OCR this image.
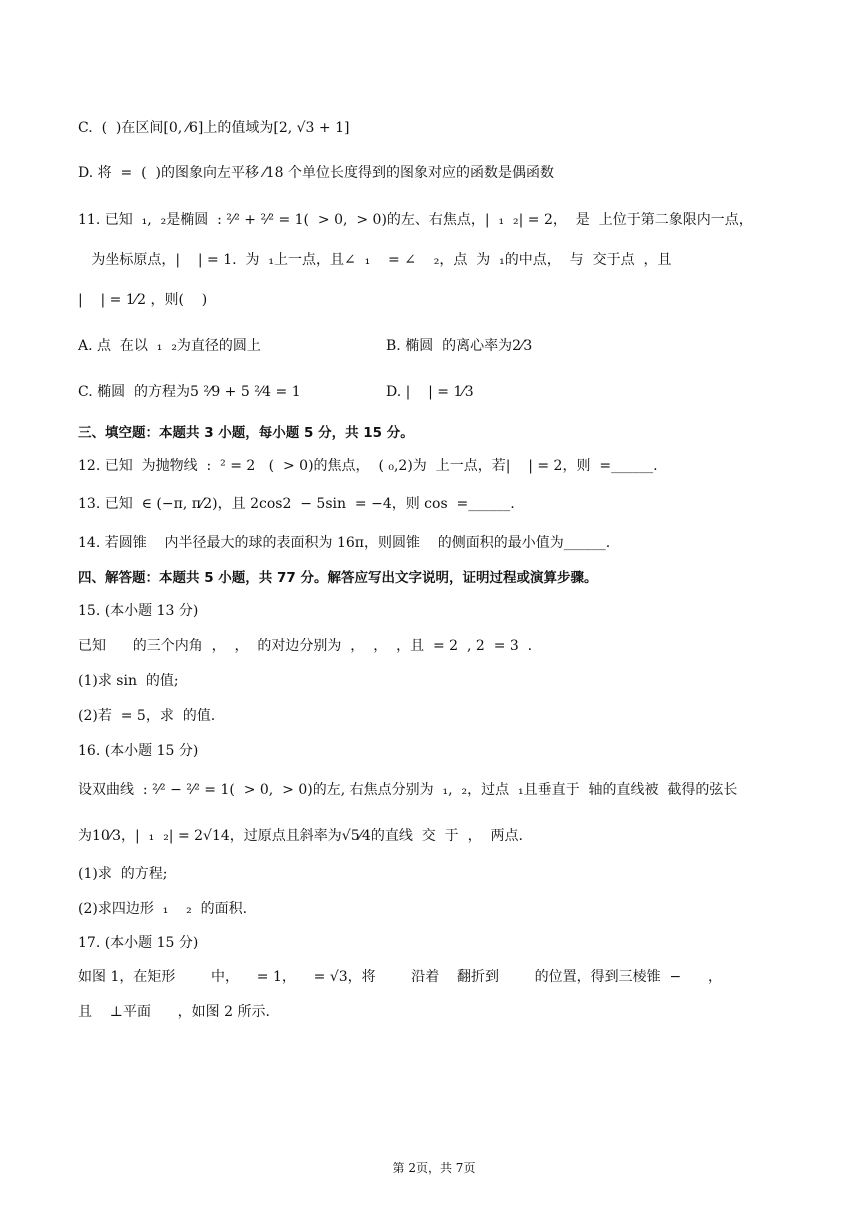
C.  (  )在区间[0, ⁄6]上的值域为[2, √3 + 1]
D. 将  =  (  )的图象向左平移 ⁄18 个单位长度得到的图象对应的函数是偶函数
11. 已知  ₁,  ₂是椭圆  : ²⁄² + ²⁄² = 1(  > 0,  > 0)的左、右焦点，|  ₁  ₂| = 2，  是  上位于第二象限内一点，
为坐标原点，|    | = 1.  为  ₁上一点，且∠  ₁    = ∠    ₂，点  为  ₁的中点，  与  交于点  ，且
|    | = 1⁄2 ，则(    )
A. 点  在以  ₁  ₂为直径的圆上	B. 椭圆  的离心率为2⁄3
C. 椭圆  的方程为5 ²⁄9 + 5 ²⁄4 = 1	D. |    | = 1⁄3
三、填空题：本题共 3 小题，每小题 5 分，共 15 分。
12. 已知  为抛物线  :  ² = 2   (  > 0)的焦点，  ( ₀,2)为  上一点，若|    | = 2，则  =______.
13. 已知  ∈ (−π, π⁄2)，且 2cos2  − 5sin  = −4，则 cos  =______.
14. 若圆锥    内半径最大的球的表面积为 16π，则圆锥    的侧面积的最小值为______.
四、解答题：本题共 5 小题，共 77 分。解答应写出文字说明，证明过程或演算步骤。
15. (本小题 13 分)
已知      的三个内角  ，  ，  的对边分别为  ，  ，  ，且  = 2  , 2  = 3  .
(1)求 sin  的值;
(2)若  = 5，求  的值.
16. (本小题 15 分)
设双曲线  : ²⁄² − ²⁄² = 1(  > 0,  > 0)的左, 右焦点分别为  ₁,  ₂，过点  ₁且垂直于  轴的直线被  截得的弦长
为10⁄3，|  ₁  ₂| = 2√14，过原点且斜率为√5⁄4的直线  交  于  ，  两点.
(1)求  的方程;
(2)求四边形  ₁    ₂  的面积.
17. (本小题 15 分)
如图 1，在矩形        中，    = 1，    = √3，将        沿着    翻折到        的位置，得到三棱锥  −      ，
且    ⊥平面      ，如图 2 所示.
第 2页，共 7页
